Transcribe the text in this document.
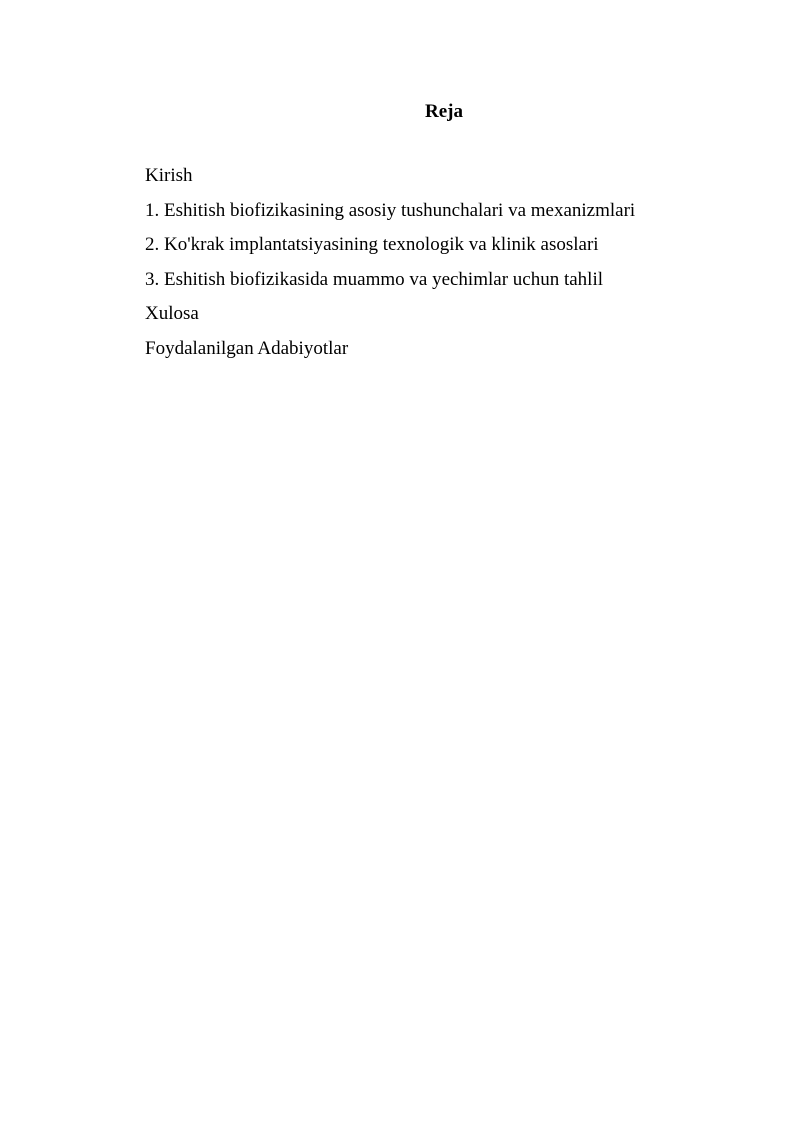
Reja
Kirish
1. Eshitish biofizikasining asosiy tushunchalari va mexanizmlari
2. Ko'krak implantatsiyasining texnologik va klinik asoslari
3. Eshitish biofizikasida muammo va yechimlar uchun tahlil
Xulosa
Foydalanilgan Adabiyotlar
